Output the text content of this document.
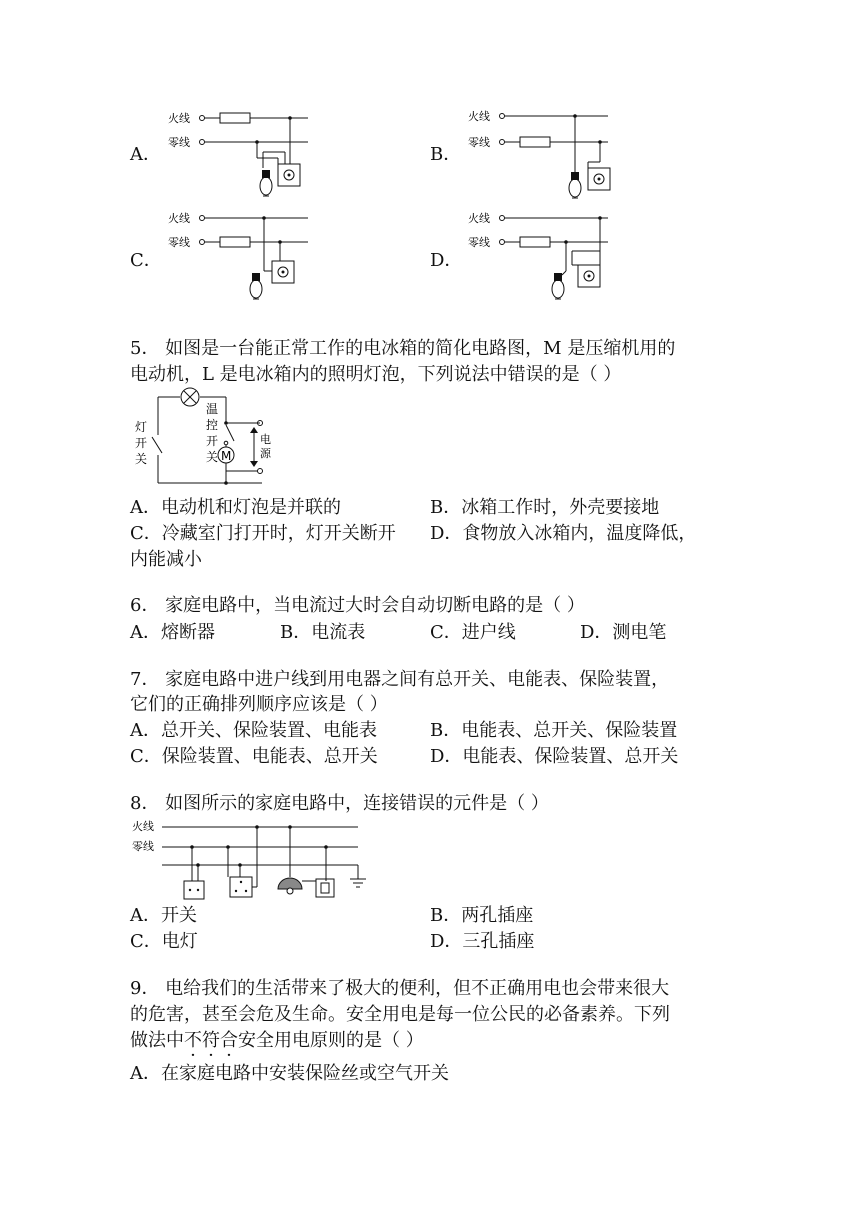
A．
火线
零线
B．
火线
零线
C．
火线
零线
D．
火线
零线
5． 如图是一台能正常工作的电冰箱的简化电路图，M 是压缩机用的
电动机，L 是电冰箱内的照明灯泡，下列说法中错误的是（ ）
灯
开
关
温
控
开
关 M
电
源
A．电动机和灯泡是并联的	B．冰箱工作时，外壳要接地
C．冷藏室门打开时，灯开关断开 D．食物放入冰箱内，温度降低，
内能减小
6． 家庭电路中，当电流过大时会自动切断电路的是（ ）
A．熔断器	B．电流表	C．进户线	D．测电笔
7． 家庭电路中进户线到用电器之间有总开关、电能表、保险装置，
它们的正确排列顺序应该是（ ）
A．总开关、保险装置、电能表	B．电能表、总开关、保险装置
C．保险装置、电能表、总开关	D．电能表、保险装置、总开关
8． 如图所示的家庭电路中，连接错误的元件是（ ）
火线
零线
A．开关	B．两孔插座
C．电灯	D．三孔插座
9． 电给我们的生活带来了极大的便利，但不正确用电也会带来很大
的危害，甚至会危及生命。安全用电是每一位公民的必备素养。下列
做法中不符合安全用电原则的是（ ）
A．在家庭电路中安装保险丝或空气开关
